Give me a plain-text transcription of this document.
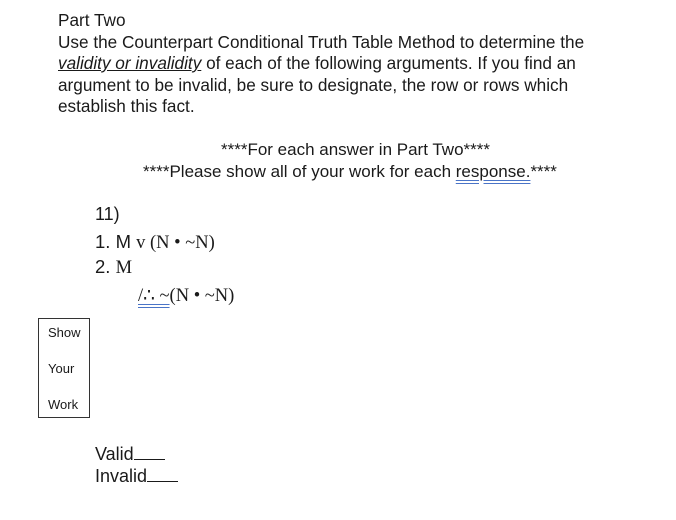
Part Two
Use the Counterpart Conditional Truth Table Method to determine the
validity or invalidity of each of the following arguments. If you find an
argument to be invalid, be sure to designate, the row or rows which
establish this fact.
****For each answer in Part Two****
****Please show all of your work for each response.****
11)
1. M v (N • ~N)
2. M
/∴ ~(N • ~N)
Show
Your
Work
Valid
Invalid
